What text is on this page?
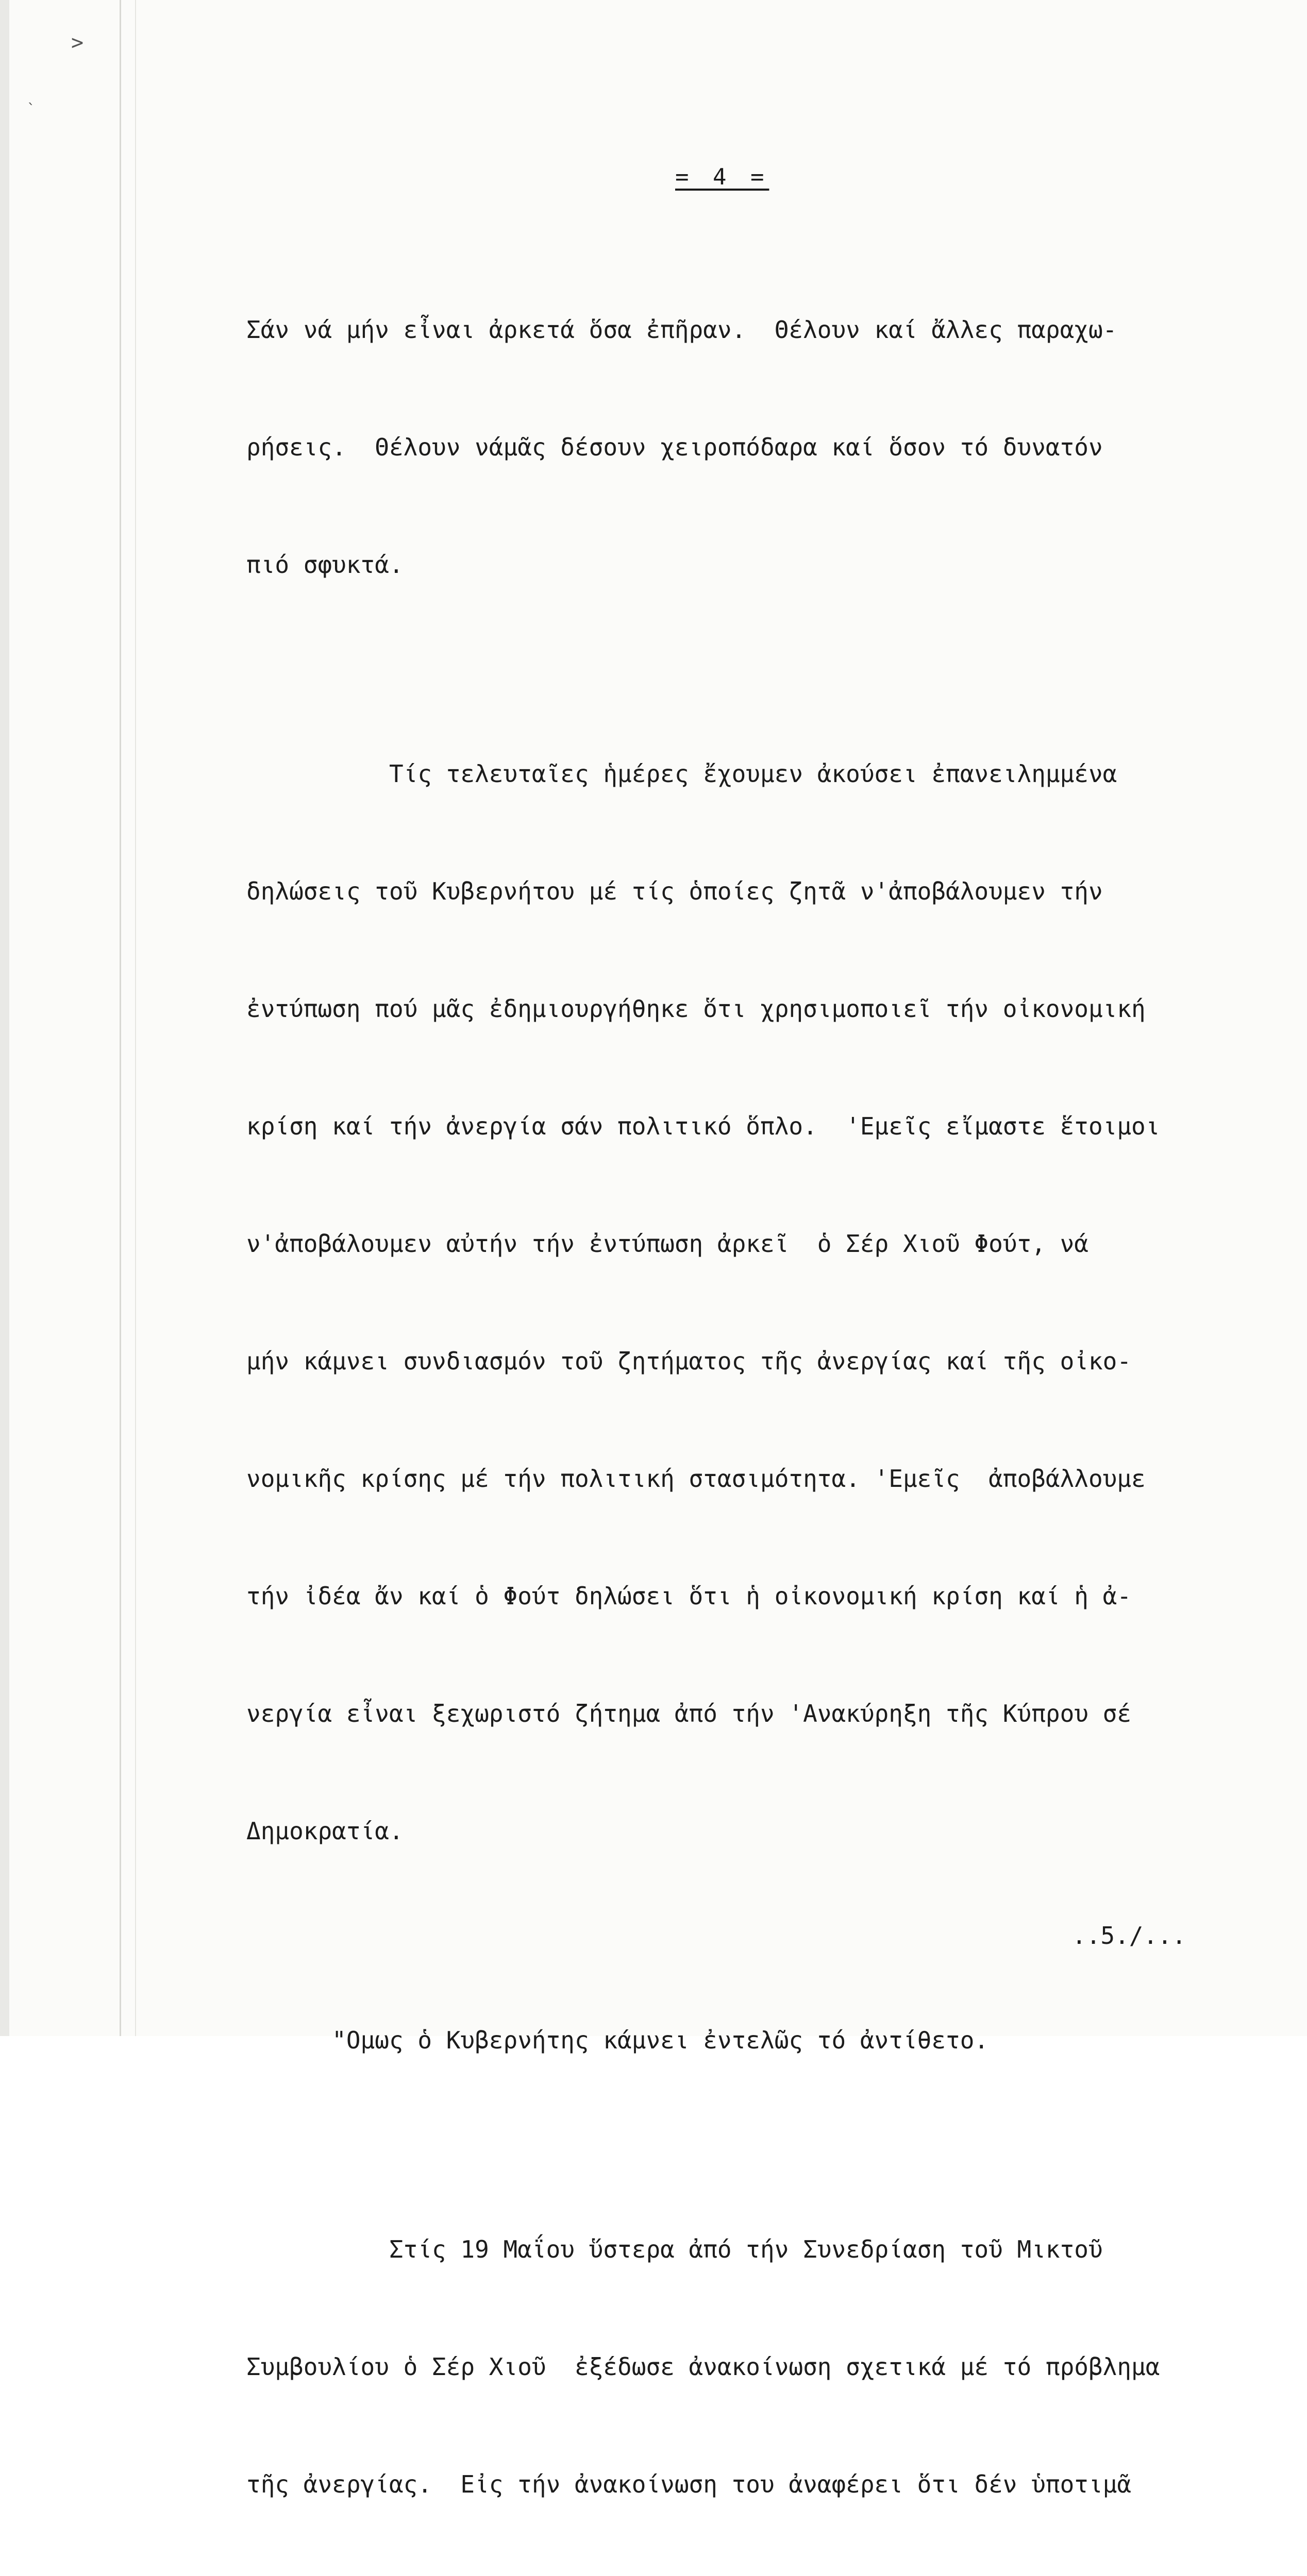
>
`
= 4 =

Σάν νά μήν εἶναι ἀρκετά ὅσα ἐπῆραν.  Θέλουν καί ἄλλες παραχω-

ρήσεις.  Θέλουν νάμᾶς δέσουν χειροπόδαρα καί ὅσον τό δυνατόν

πιό σφυκτά.

Τίς τελευταῖες ἡμέρες ἔχουμεν ἀκούσει ἐπανειλημμένα

δηλώσεις τοῦ Κυβερνήτου μέ τίς ὁποίες ζητᾶ ν'ἀποβάλουμεν τήν

ἐντύπωση πού μᾶς ἐδημιουργήθηκε ὅτι χρησιμοποιεῖ τήν οἰκονομική

κρίση καί τήν ἀνεργία σάν πολιτικό ὅπλο.  'Εμεῖς εἴμαστε ἕτοιμοι

ν'ἀποβάλουμεν αὐτήν τήν ἐντύπωση ἀρκεῖ  ὁ Σέρ Χιοῦ Φούτ, νά

μήν κάμνει συνδιασμόν τοῦ ζητήματος τῆς ἀνεργίας καί τῆς οἰκο-

νομικῆς κρίσης μέ τήν πολιτική στασιμότητα. 'Εμεῖς  ἀποβάλλουμε

τήν ἰδέα ἄν καί ὁ Φούτ δηλώσει ὅτι ἡ οἰκονομική κρίση καί ἡ ἀ-

νεργία εἶναι ξεχωριστό ζήτημα ἀπό τήν 'Ανακύρηξη τῆς Κύπρου σέ

Δημοκρατία.

"Ομως ὁ Κυβερνήτης κάμνει ἐντελῶς τό ἀντίθετο.

Στίς 19 Μαΐου ὕστερα ἀπό τήν Συνεδρίαση τοῦ Μικτοῦ

Συμβουλίου ὁ Σέρ Χιοῦ  ἐξέδωσε ἀνακοίνωση σχετικά μέ τό πρόβλημα

τῆς ἀνεργίας.  Εἰς τήν ἀνακοίνωση του ἀναφέρει ὅτι δέν ὑποτιμᾶ

..5./...
